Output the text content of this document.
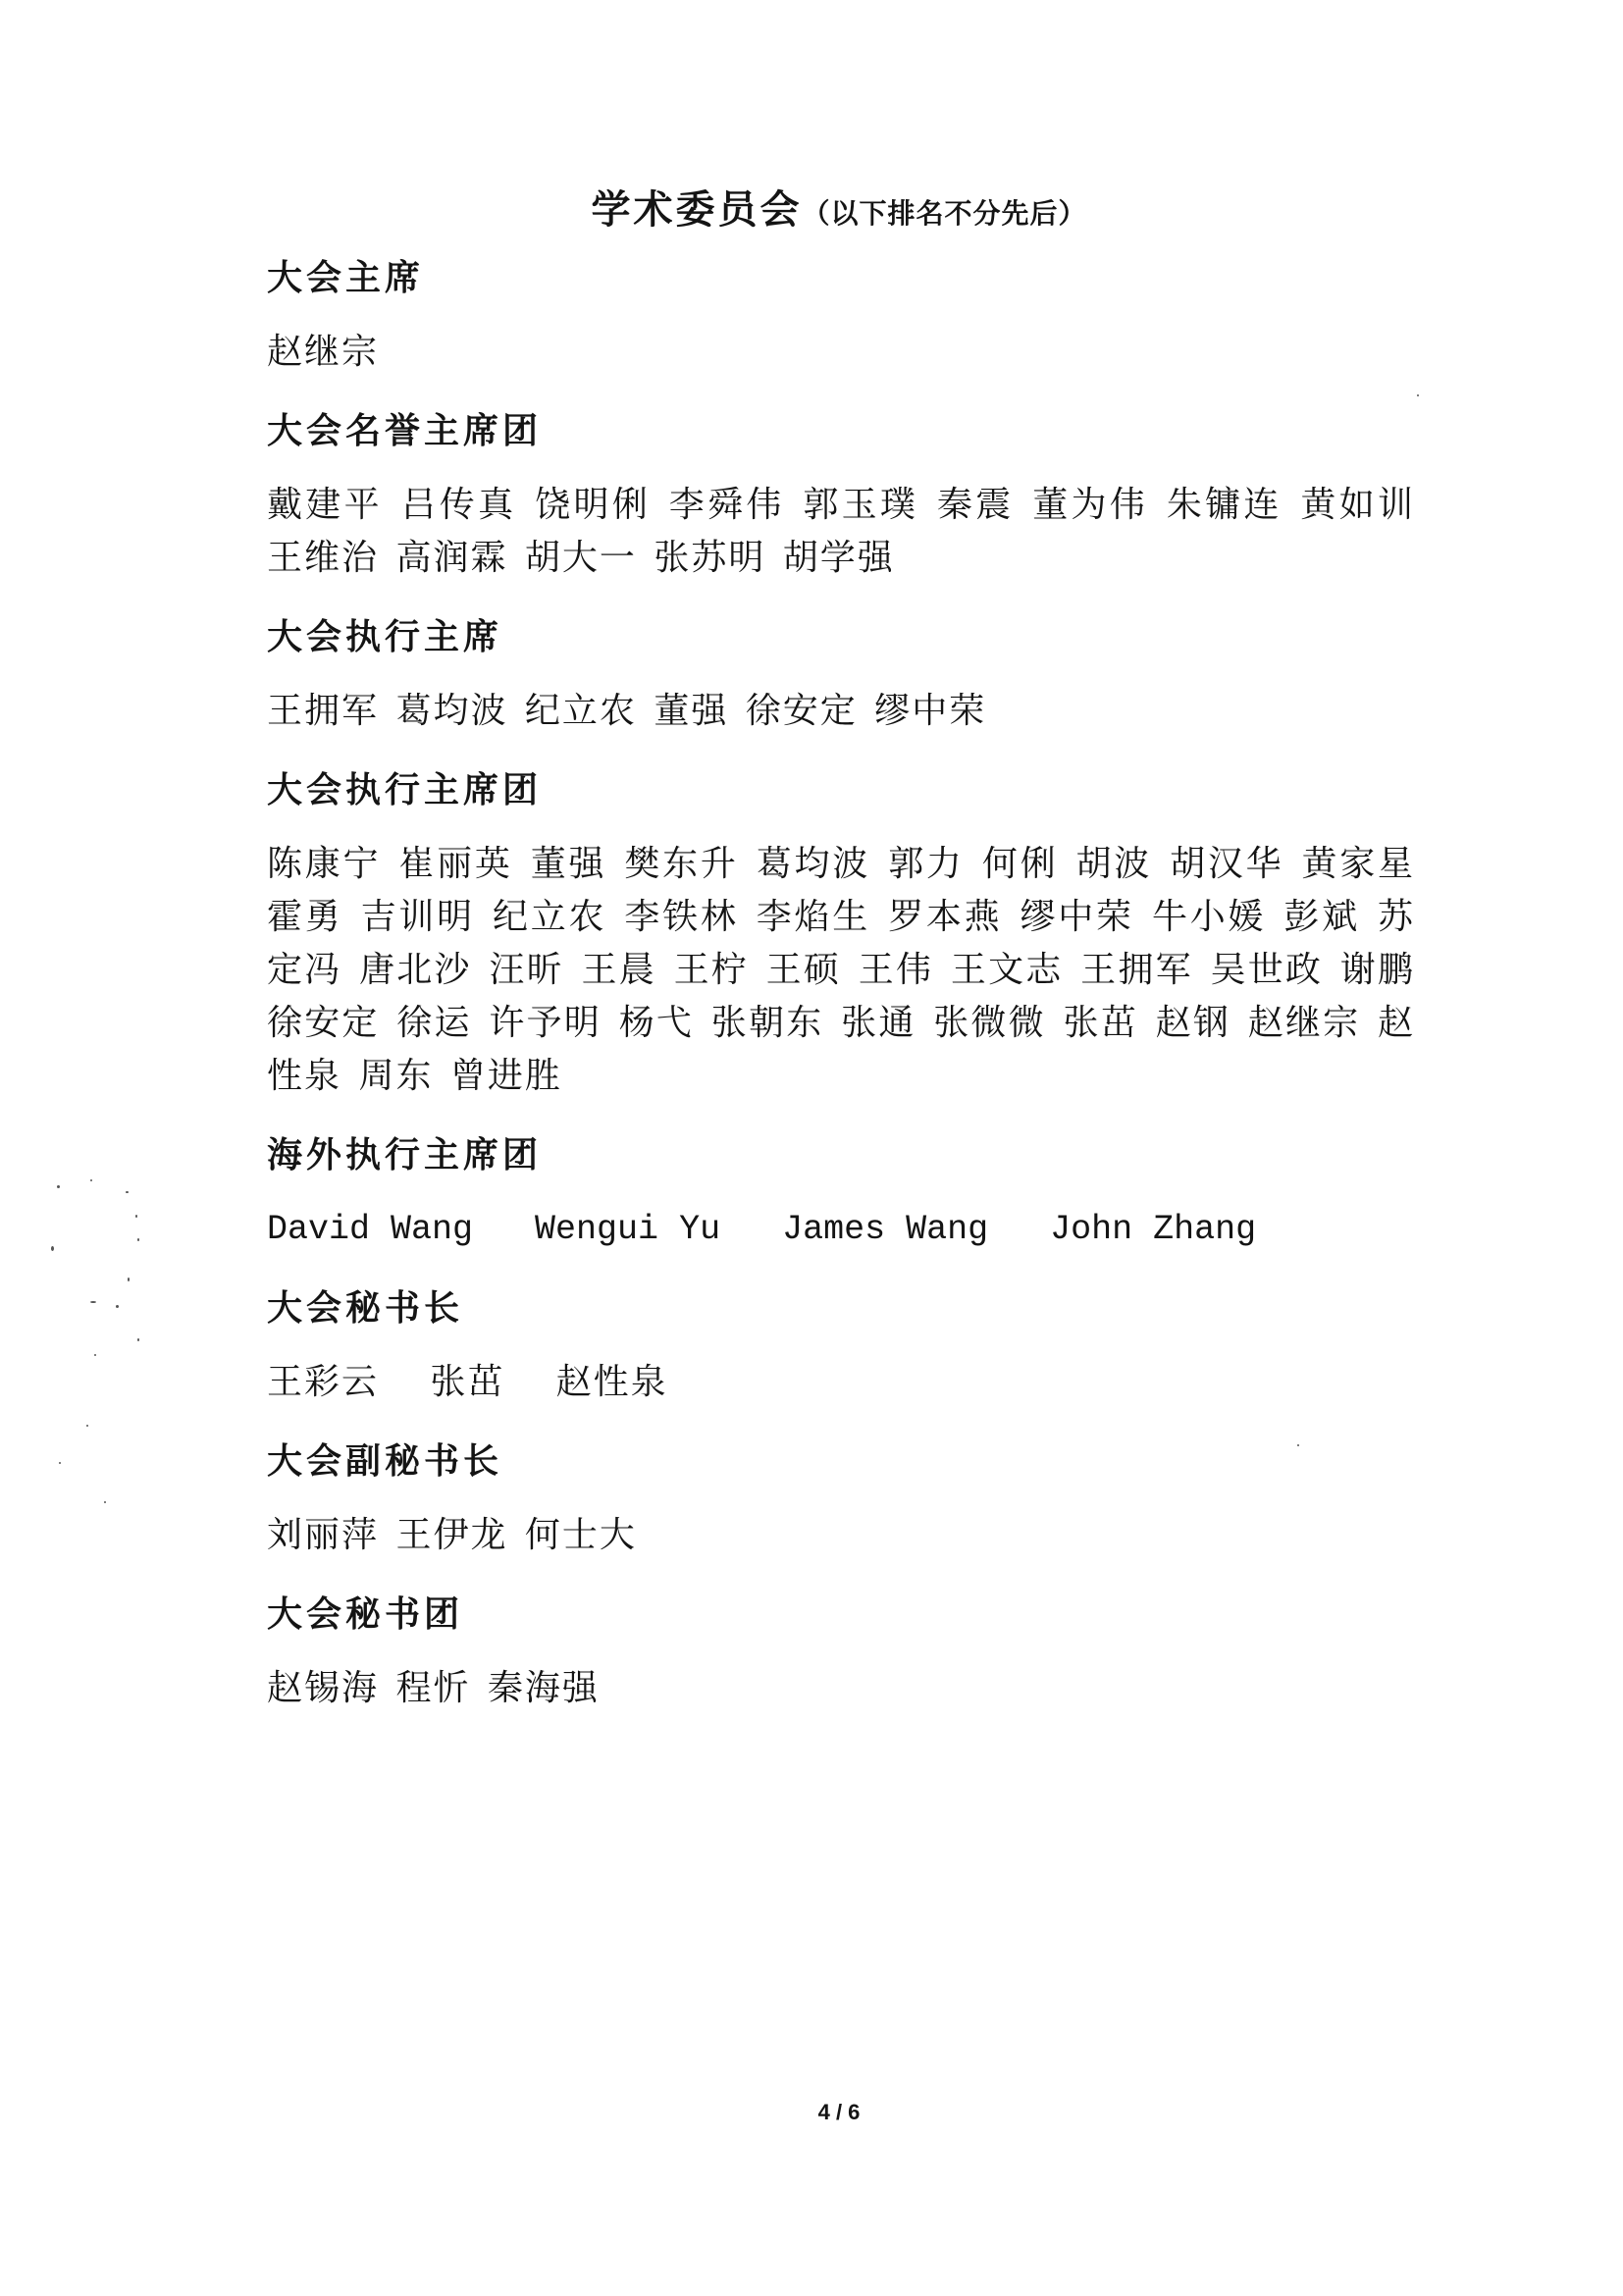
学术委员会（以下排名不分先后）
大会主席

赵继宗

大会名誉主席团

戴建平 吕传真 饶明俐 李舜伟 郭玉璞 秦震 董为伟 朱镛连 黄如训 王维治 高润霖 胡大一 张苏明 胡学强

大会执行主席

王拥军 葛均波 纪立农 董强 徐安定 缪中荣

大会执行主席团

陈康宁 崔丽英 董强 樊东升 葛均波 郭力 何俐 胡波 胡汉华 黄家星 霍勇 吉训明 纪立农 李铁林 李焰生 罗本燕 缪中荣 牛小媛 彭斌 苏定冯 唐北沙 汪昕 王晨 王柠 王硕 王伟 王文志 王拥军 吴世政 谢鹏 徐安定 徐运 许予明 杨弋 张朝东 张通 张微微 张茁 赵钢 赵继宗 赵性泉 周东 曾进胜

海外执行主席团

David Wang   Wengui Yu   James Wang   John Zhang

大会秘书长

王彩云   张茁   赵性泉

大会副秘书长

刘丽萍 王伊龙 何士大

大会秘书团

赵锡海 程忻 秦海强

4 / 6
